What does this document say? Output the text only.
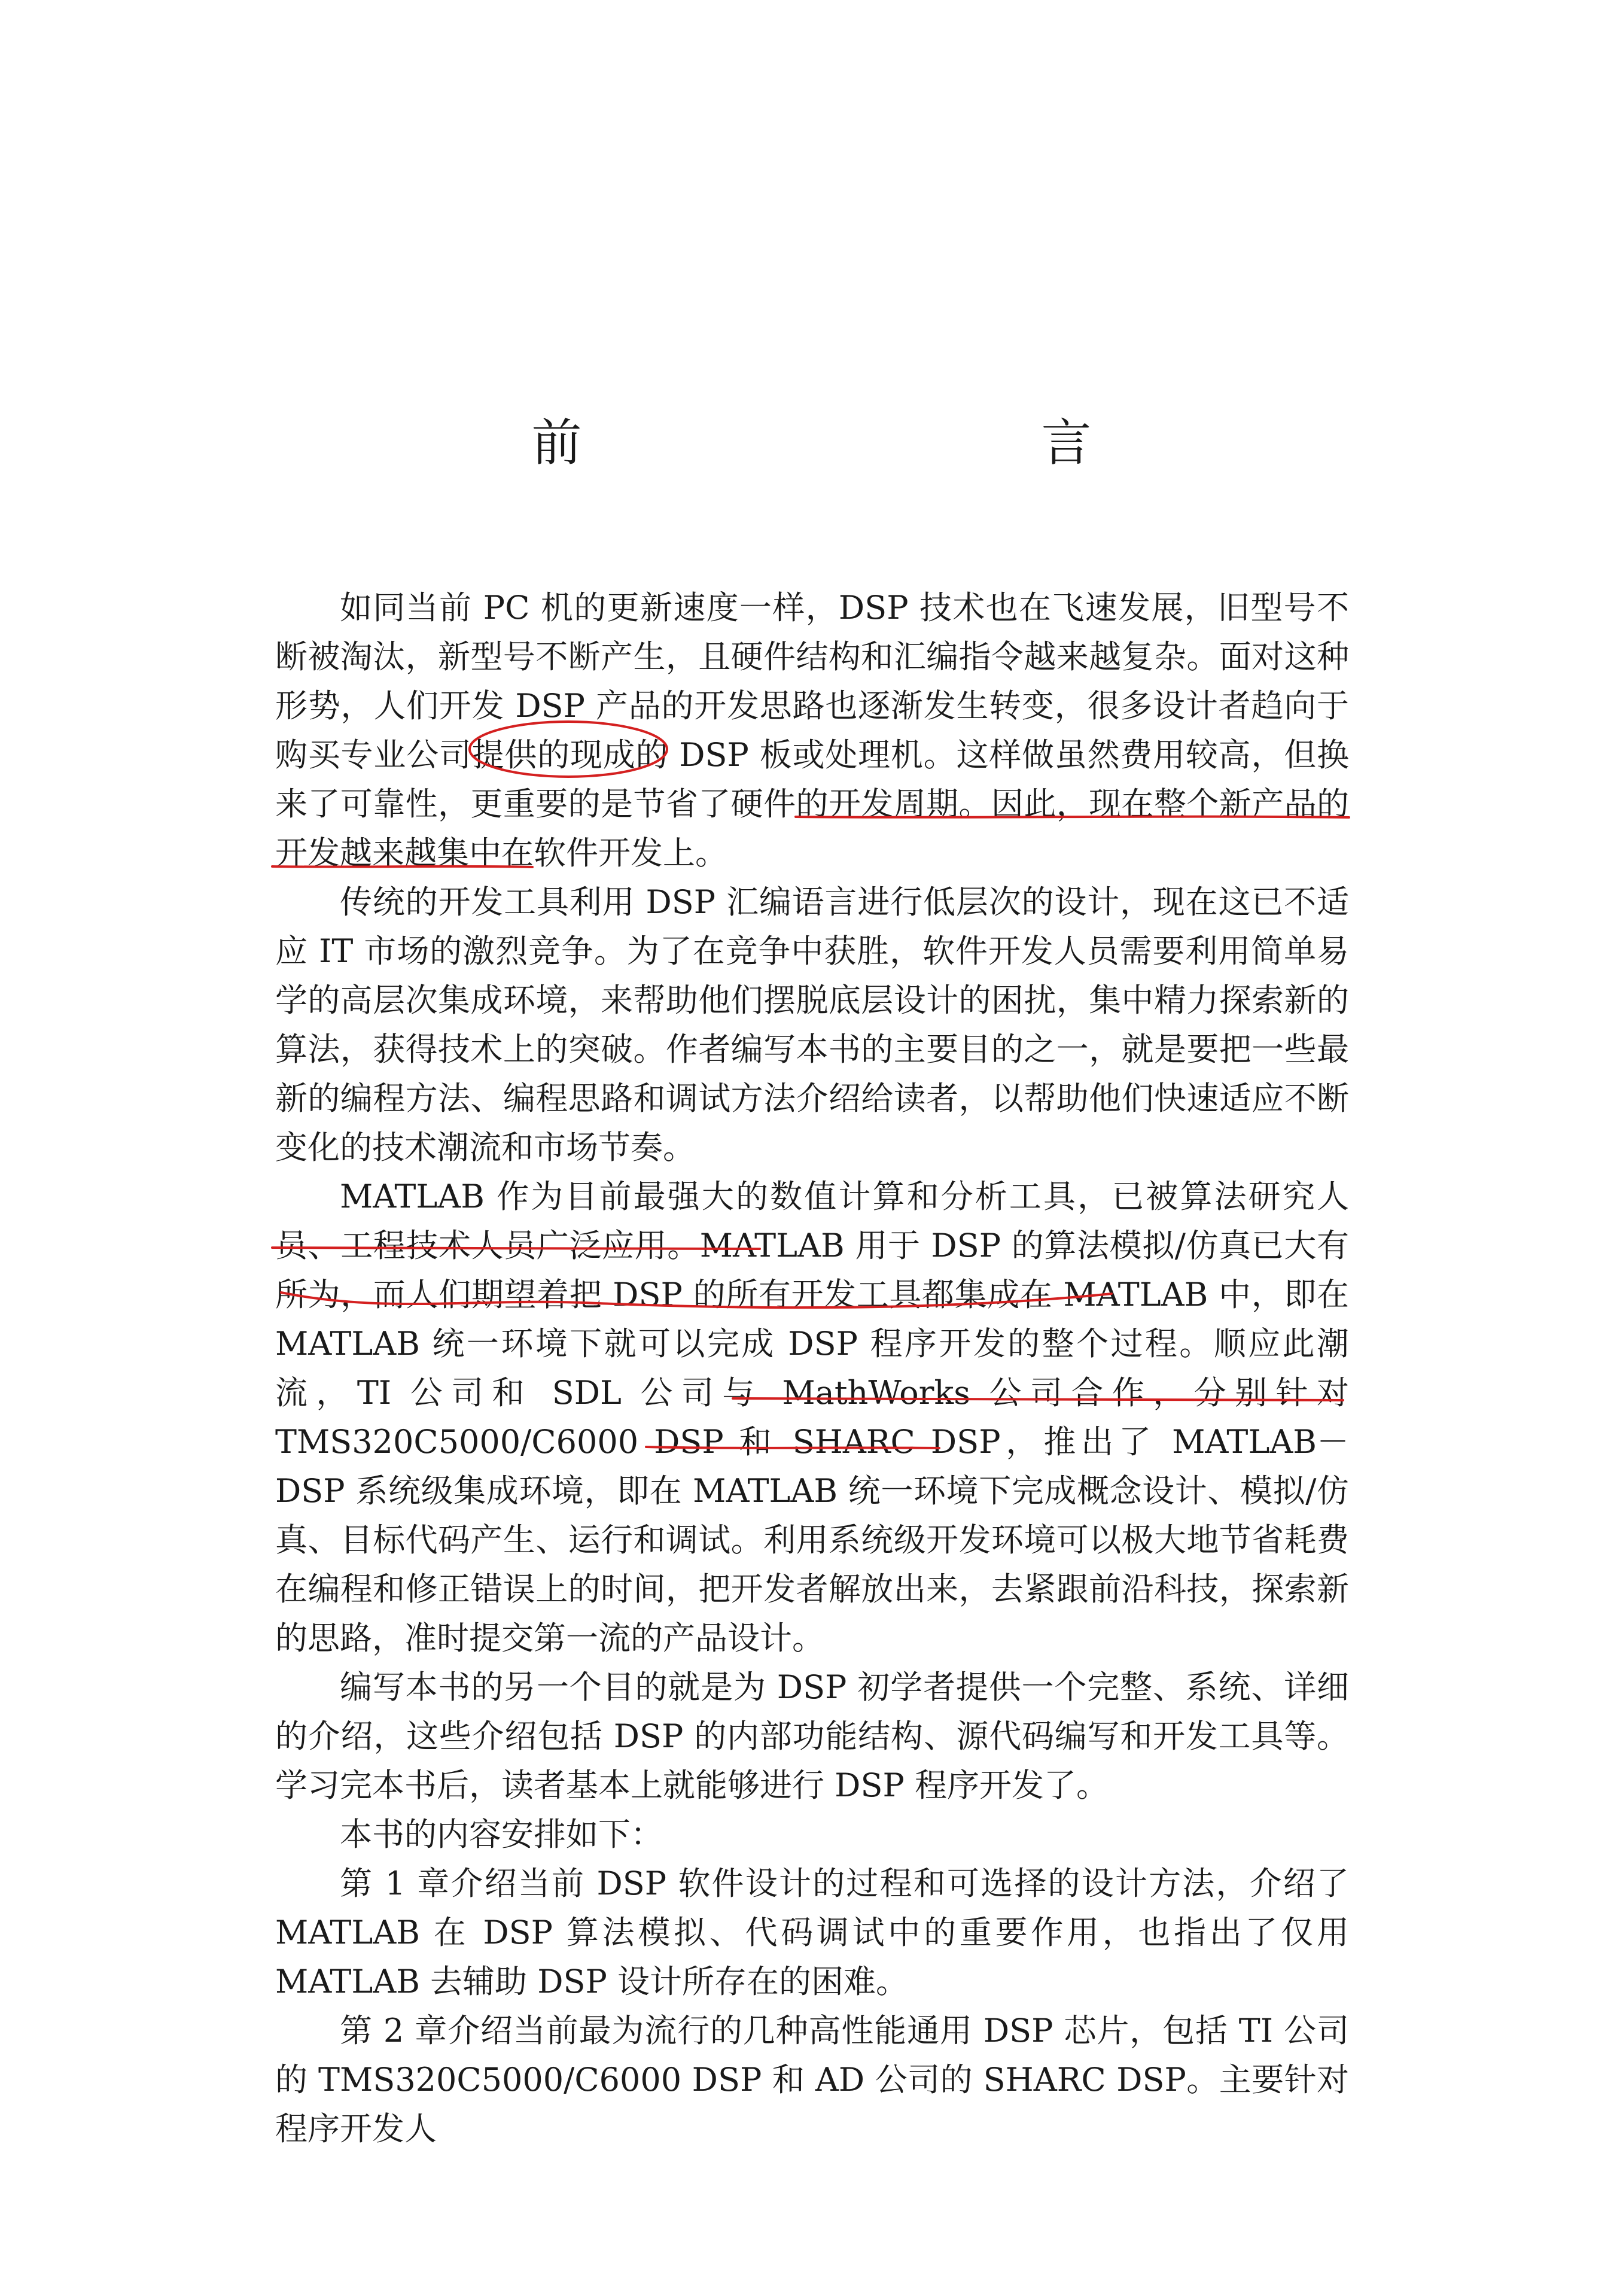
前　　言

如同当前 PC 机的更新速度一样，DSP 技术也在飞速发展，旧型号不断被淘汰，新型号不断产生，且硬件结构和汇编指令越来越复杂。面对这种形势，人们开发 DSP 产品的开发思路也逐渐发生转变，很多设计者趋向于购买专业公司提供的现成的 DSP 板或处理机。这样做虽然费用较高，但换来了可靠性，更重要的是节省了硬件的开发周期。因此，现在整个新产品的开发越来越集中在软件开发上。

传统的开发工具利用 DSP 汇编语言进行低层次的设计，现在这已不适应 IT 市场的激烈竞争。为了在竞争中获胜，软件开发人员需要利用简单易学的高层次集成环境，来帮助他们摆脱底层设计的困扰，集中精力探索新的算法，获得技术上的突破。作者编写本书的主要目的之一，就是要把一些最新的编程方法、编程思路和调试方法介绍给读者，以帮助他们快速适应不断变化的技术潮流和市场节奏。

MATLAB 作为目前最强大的数值计算和分析工具，已被算法研究人员、工程技术人员广泛应用。MATLAB 用于 DSP 的算法模拟/仿真已大有所为，而人们期望着把 DSP 的所有开发工具都集成在 MATLAB 中，即在 MATLAB 统一环境下就可以完成 DSP 程序开发的整个过程。顺应此潮流，TI 公司和 SDL 公司与 MathWorks 公司合作，分别针对 TMS320C5000/C6000 DSP 和 SHARC DSP，推出了 MATLAB－DSP 系统级集成环境，即在 MATLAB 统一环境下完成概念设计、模拟/仿真、目标代码产生、运行和调试。利用系统级开发环境可以极大地节省耗费在编程和修正错误上的时间，把开发者解放出来，去紧跟前沿科技，探索新的思路，准时提交第一流的产品设计。

编写本书的另一个目的就是为 DSP 初学者提供一个完整、系统、详细的介绍，这些介绍包括 DSP 的内部功能结构、源代码编写和开发工具等。学习完本书后，读者基本上就能够进行 DSP 程序开发了。

本书的内容安排如下：

第 1 章介绍当前 DSP 软件设计的过程和可选择的设计方法，介绍了 MATLAB 在 DSP 算法模拟、代码调试中的重要作用，也指出了仅用 MATLAB 去辅助 DSP 设计所存在的困难。

第 2 章介绍当前最为流行的几种高性能通用 DSP 芯片，包括 TI 公司的 TMS320C5000/C6000 DSP 和 AD 公司的 SHARC DSP。主要针对程序开发人
